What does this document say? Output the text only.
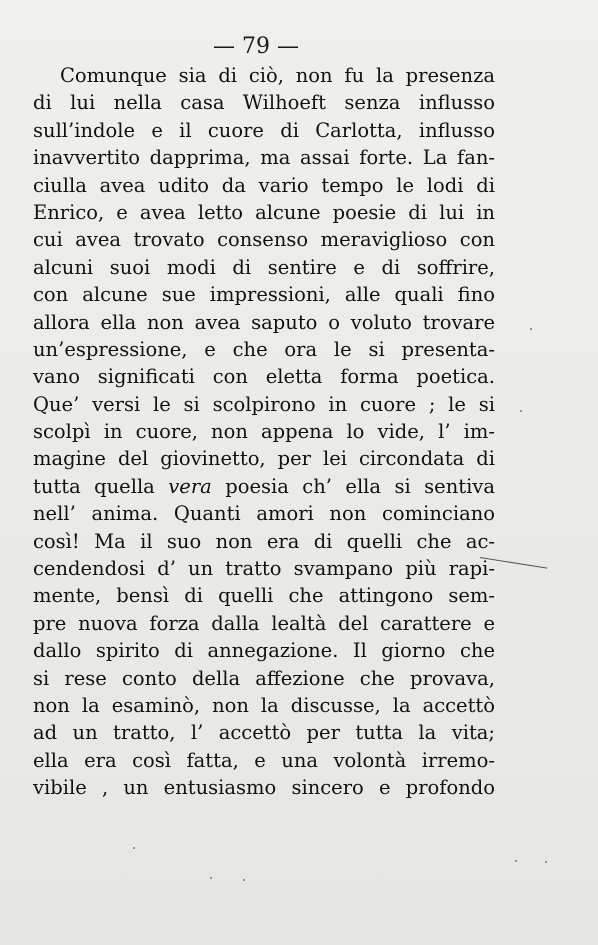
— 79 —
Comunque sia di ciò, non fu la presenza
di lui nella casa Wilhoeft senza influsso
sull’indole e il cuore di Carlotta, influsso
inavvertito dapprima, ma assai forte. La fan-
ciulla avea udito da vario tempo le lodi di
Enrico, e avea letto alcune poesie di lui in
cui avea trovato consenso meraviglioso con
alcuni suoi modi di sentire e di soffrire,
con alcune sue impressioni, alle quali fino
allora ella non avea saputo o voluto trovare
un’espressione, e che ora le si presenta-
vano significati con eletta forma poetica.
Que’ versi le si scolpirono in cuore ; le si
scolpì in cuore, non appena lo vide, l’ im-
magine del giovinetto, per lei circondata di
tutta quella vera poesia ch’ ella si sentiva
nell’ anima. Quanti amori non cominciano
così! Ma il suo non era di quelli che ac-
cendendosi d’ un tratto svampano più rapi-
mente, bensì di quelli che attingono sem-
pre nuova forza dalla lealtà del carattere e
dallo spirito di annegazione. Il giorno che
si rese conto della affezione che provava,
non la esaminò, non la discusse, la accettò
ad un tratto, l’ accettò per tutta la vita;
ella era così fatta, e una volontà irremo-
vibile , un entusiasmo sincero e profondo
